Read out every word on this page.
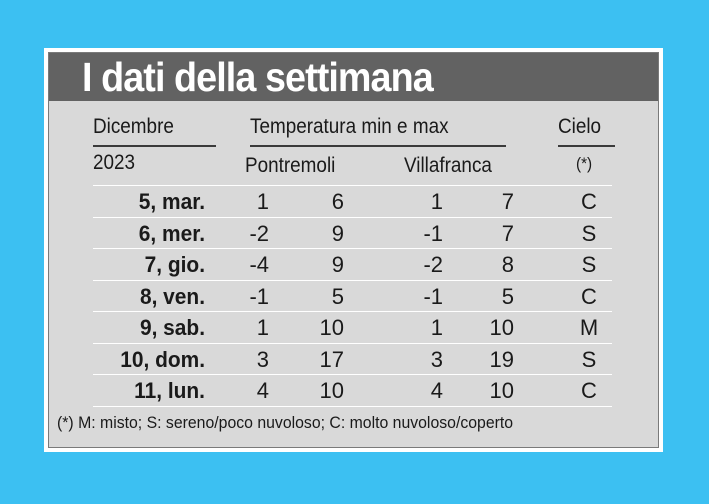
I dati della settimana
Dicembre	Temperatura min e max	Cielo
2023	Pontremoli	Villafranca	(*)
5, mar.	1	6	1	7	C
6, mer.	-2	9	-1	7	S
7, gio.	-4	9	-2	8	S
8, ven.	-1	5	-1	5	C
9, sab.	1	10	1	10	M
10, dom.	3	17	3	19	S
11, lun.	4	10	4	10	C
(*) M: misto; S: sereno/poco nuvoloso; C: molto nuvoloso/coperto
